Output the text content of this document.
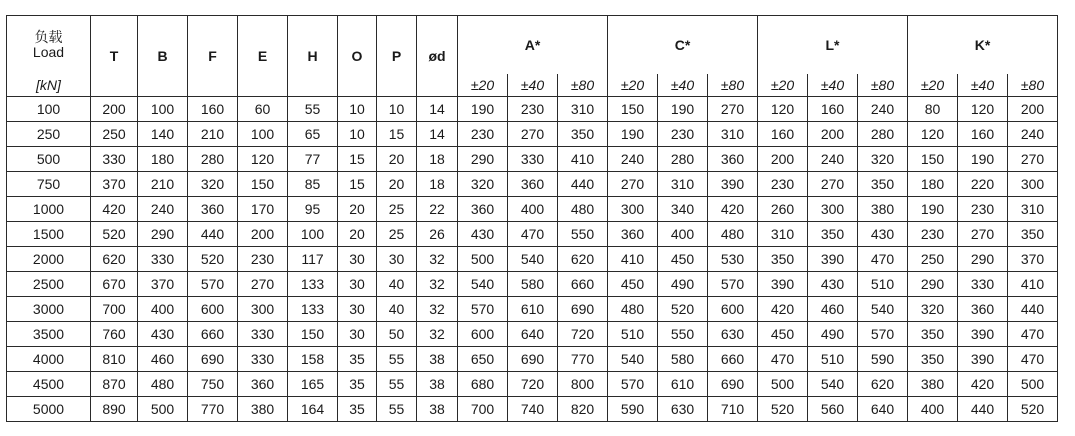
负载
Load	T	B	F	E	H	O	P	ød	A*			C*			L*			K*		
[kN]									±20	±40	±80	±20	±40	±80	±20	±40	±80	±20	±40	±80
100	200	100	160	60	55	10	10	14	190	230	310	150	190	270	120	160	240	80	120	200
250	250	140	210	100	65	10	15	14	230	270	350	190	230	310	160	200	280	120	160	240
500	330	180	280	120	77	15	20	18	290	330	410	240	280	360	200	240	320	150	190	270
750	370	210	320	150	85	15	20	18	320	360	440	270	310	390	230	270	350	180	220	300
1000	420	240	360	170	95	20	25	22	360	400	480	300	340	420	260	300	380	190	230	310
1500	520	290	440	200	100	20	25	26	430	470	550	360	400	480	310	350	430	230	270	350
2000	620	330	520	230	117	30	30	32	500	540	620	410	450	530	350	390	470	250	290	370
2500	670	370	570	270	133	30	40	32	540	580	660	450	490	570	390	430	510	290	330	410
3000	700	400	600	300	133	30	40	32	570	610	690	480	520	600	420	460	540	320	360	440
3500	760	430	660	330	150	30	50	32	600	640	720	510	550	630	450	490	570	350	390	470
4000	810	460	690	330	158	35	55	38	650	690	770	540	580	660	470	510	590	350	390	470
4500	870	480	750	360	165	35	55	38	680	720	800	570	610	690	500	540	620	380	420	500
5000	890	500	770	380	164	35	55	38	700	740	820	590	630	710	520	560	640	400	440	520
